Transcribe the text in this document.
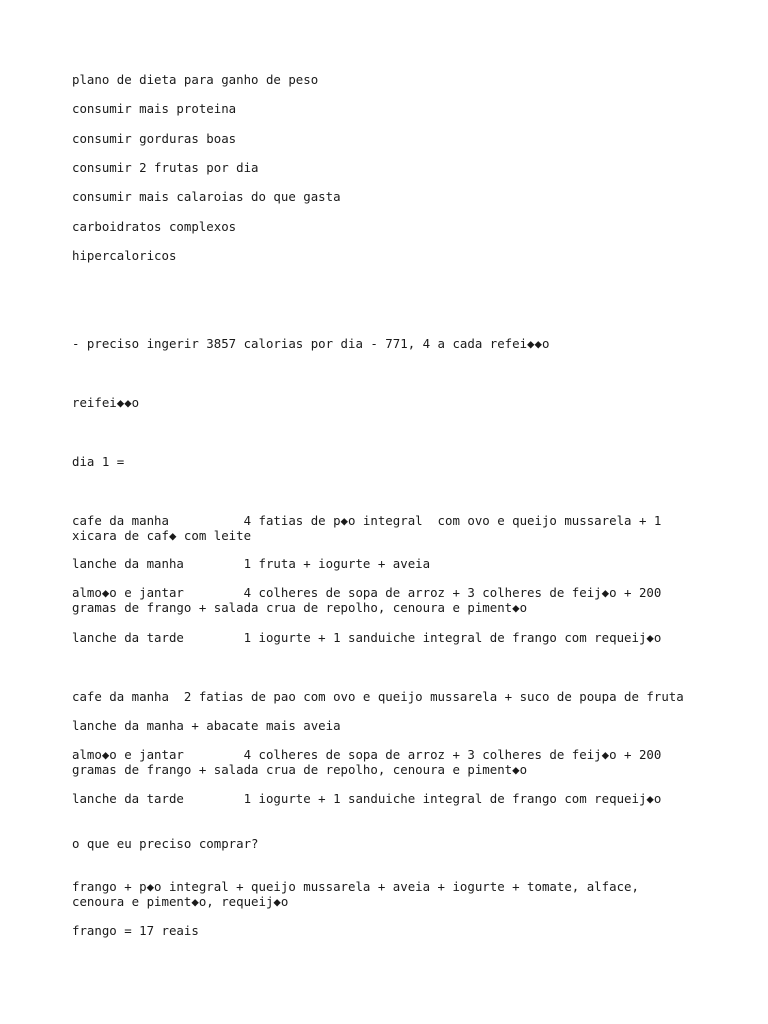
plano de dieta para ganho de peso

consumir mais proteina

consumir gorduras boas

consumir 2 frutas por dia

consumir mais calaroias do que gasta

carboidratos complexos

hipercaloricos

- preciso ingerir 3857 calorias por dia - 771, 4 a cada refei◆◆o

reifei◆◆o

dia 1 =

cafe da manha          4 fatias de p◆o integral  com ovo e queijo mussarela + 1
xicara de caf◆ com leite

lanche da manha        1 fruta + iogurte + aveia

almo◆o e jantar        4 colheres de sopa de arroz + 3 colheres de feij◆o + 200
gramas de frango + salada crua de repolho, cenoura e piment◆o

lanche da tarde        1 iogurte + 1 sanduiche integral de frango com requeij◆o

cafe da manha  2 fatias de pao com ovo e queijo mussarela + suco de poupa de fruta

lanche da manha + abacate mais aveia

almo◆o e jantar        4 colheres de sopa de arroz + 3 colheres de feij◆o + 200
gramas de frango + salada crua de repolho, cenoura e piment◆o

lanche da tarde        1 iogurte + 1 sanduiche integral de frango com requeij◆o

o que eu preciso comprar?

frango + p◆o integral + queijo mussarela + aveia + iogurte + tomate, alface,
cenoura e piment◆o, requeij◆o

frango = 17 reais
